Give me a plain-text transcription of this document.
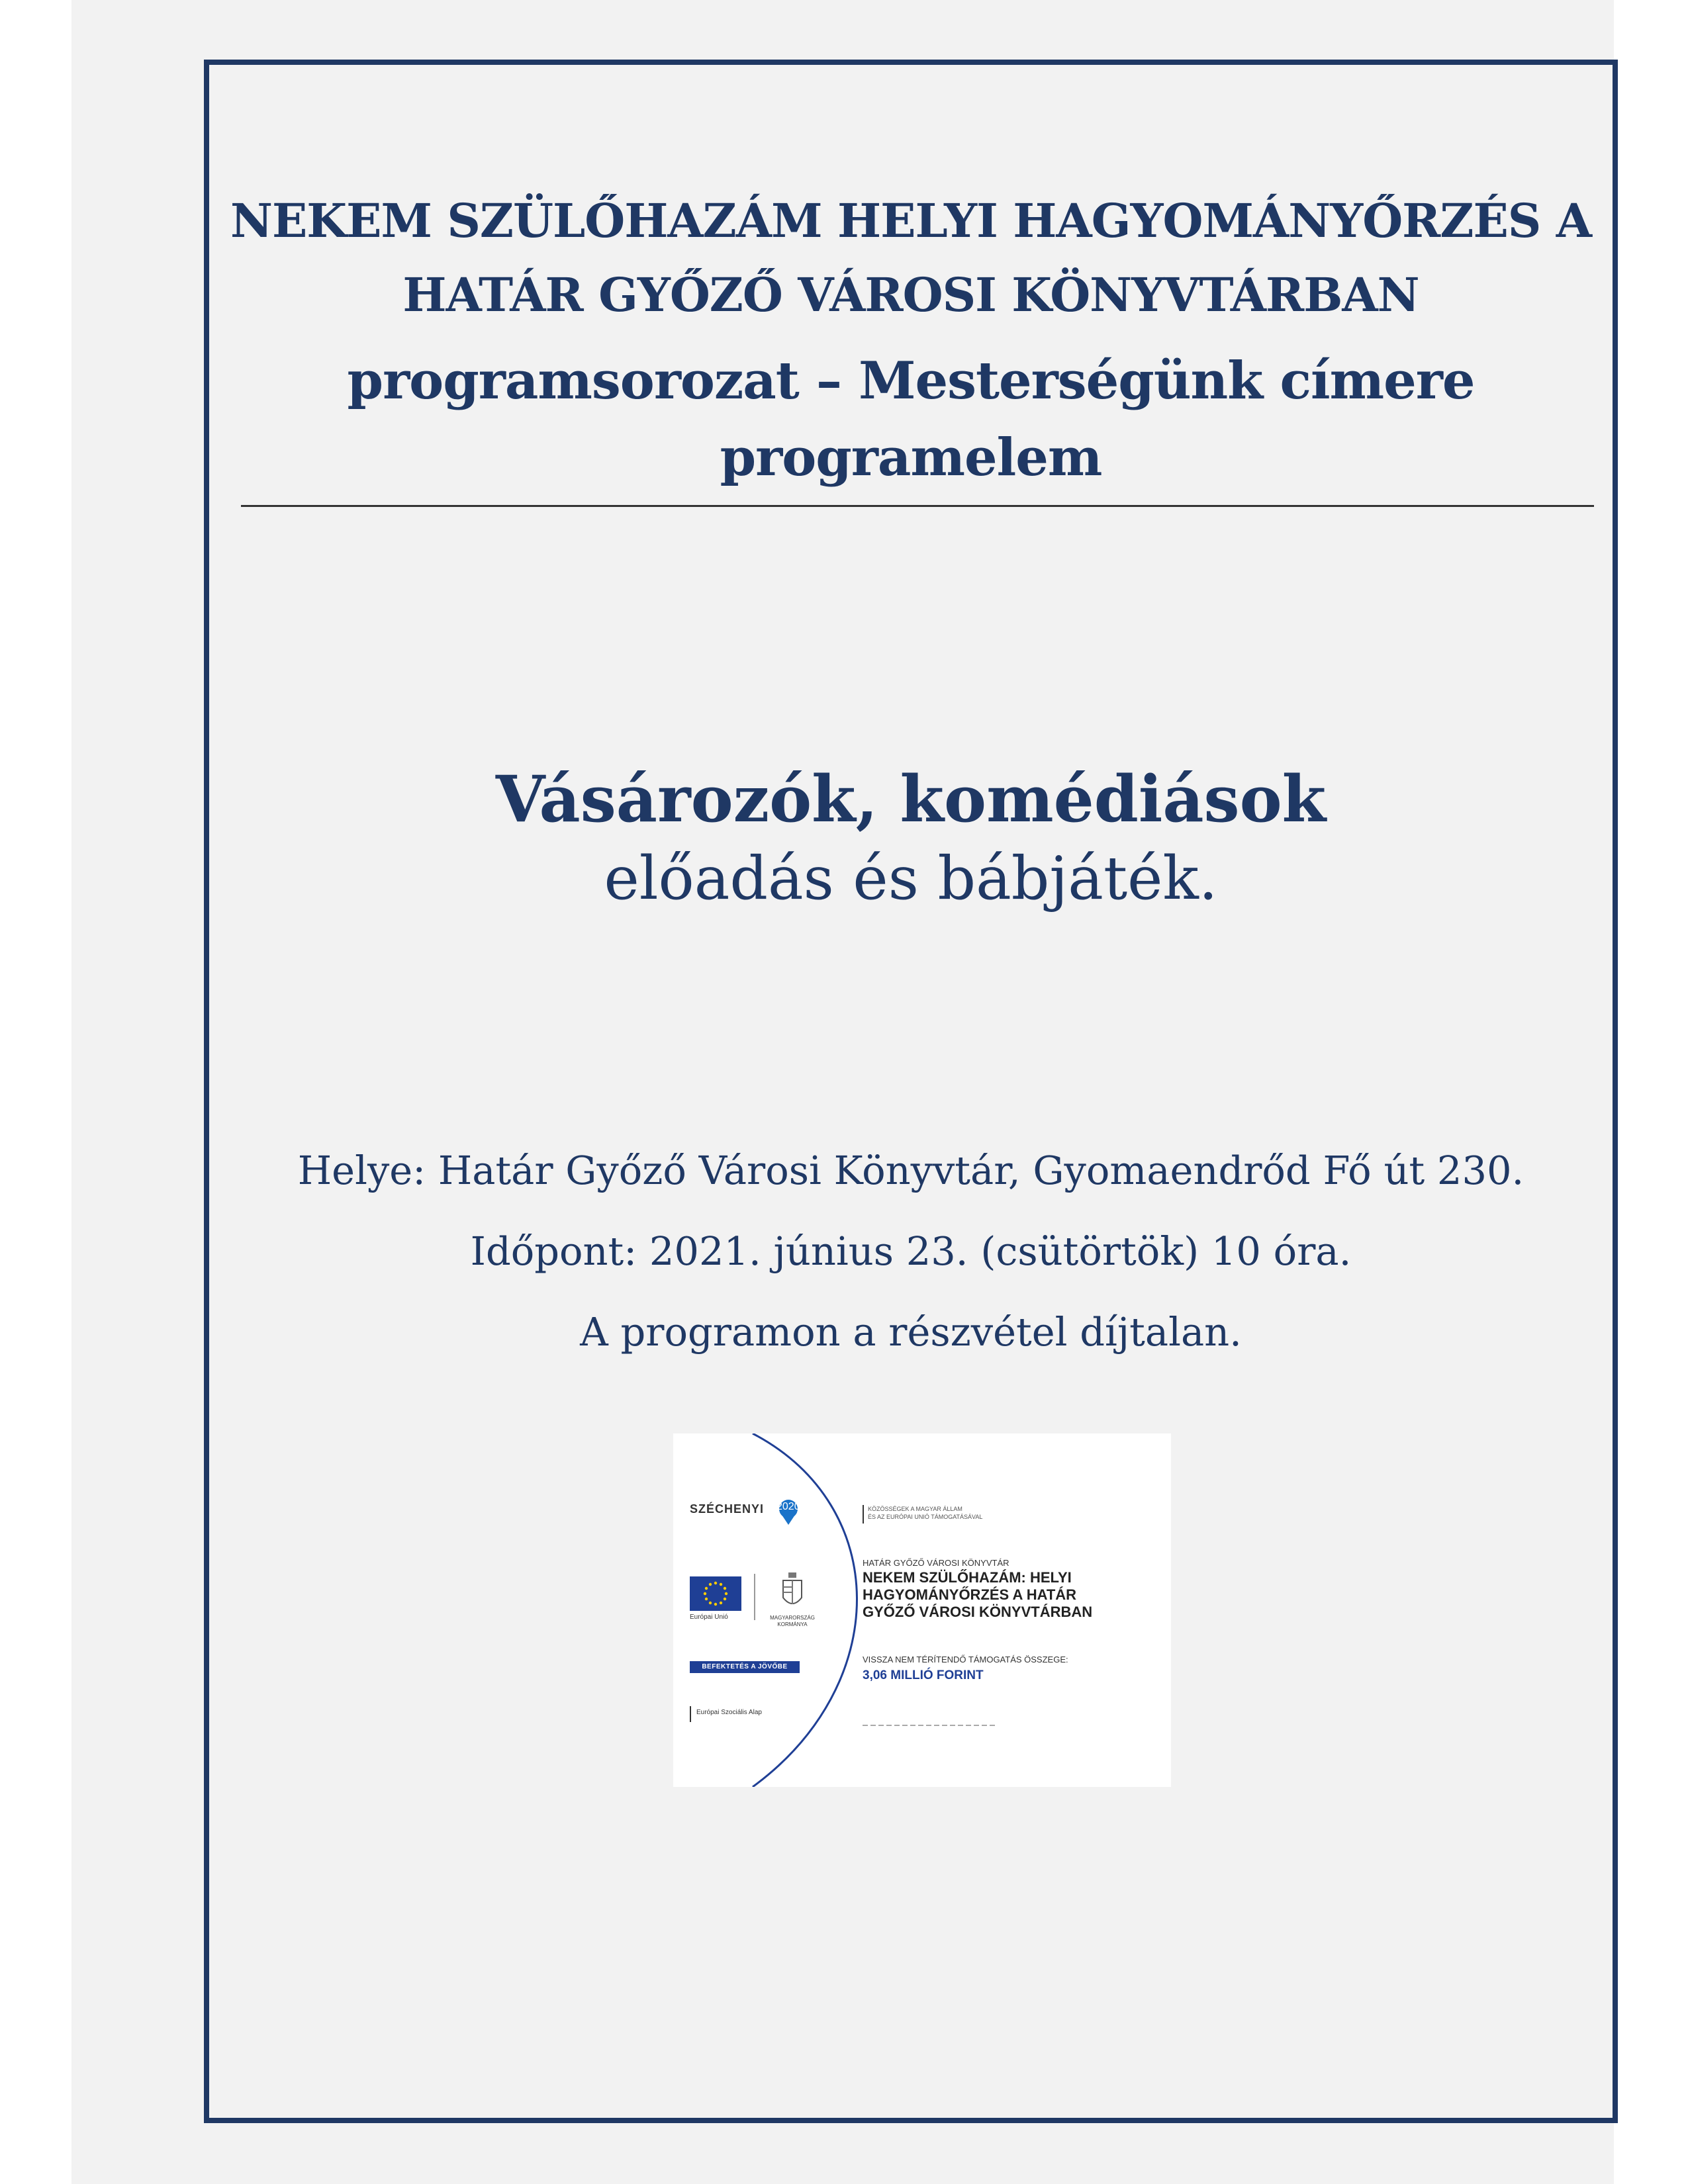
NEKEM SZÜLŐHAZÁM HELYI HAGYOMÁNYŐRZÉS A
HATÁR GYŐZŐ VÁROSI KÖNYVTÁRBAN
programsorozat – Mesterségünk címere
programelem
Vásározók, komédiások
előadás és bábjáték.
Helye: Határ Győző Városi Könyvtár, Gyomaendrőd Fő út 230.
Időpont: 2021. június 23. (csütörtök) 10 óra.
A programon a részvétel díjtalan.
SZÉCHENYI 2020
Európai Unió	MAGYARORSZÁG KORMÁNYA
BEFEKTETÉS A JÖVŐBE
Európai Szociális Alap
KÖZÖSSÉGEK A MAGYAR ÁLLAM
ÉS AZ EURÓPAI UNIÓ TÁMOGATÁSÁVAL
HATÁR GYŐZŐ VÁROSI KÖNYVTÁR
NEKEM SZÜLŐHAZÁM: HELYI
HAGYOMÁNYŐRZÉS A HATÁR
GYŐZŐ VÁROSI KÖNYVTÁRBAN
VISSZA NEM TÉRÍTENDŐ TÁMOGATÁS ÖSSZEGE:
3,06 MILLIÓ FORINT
